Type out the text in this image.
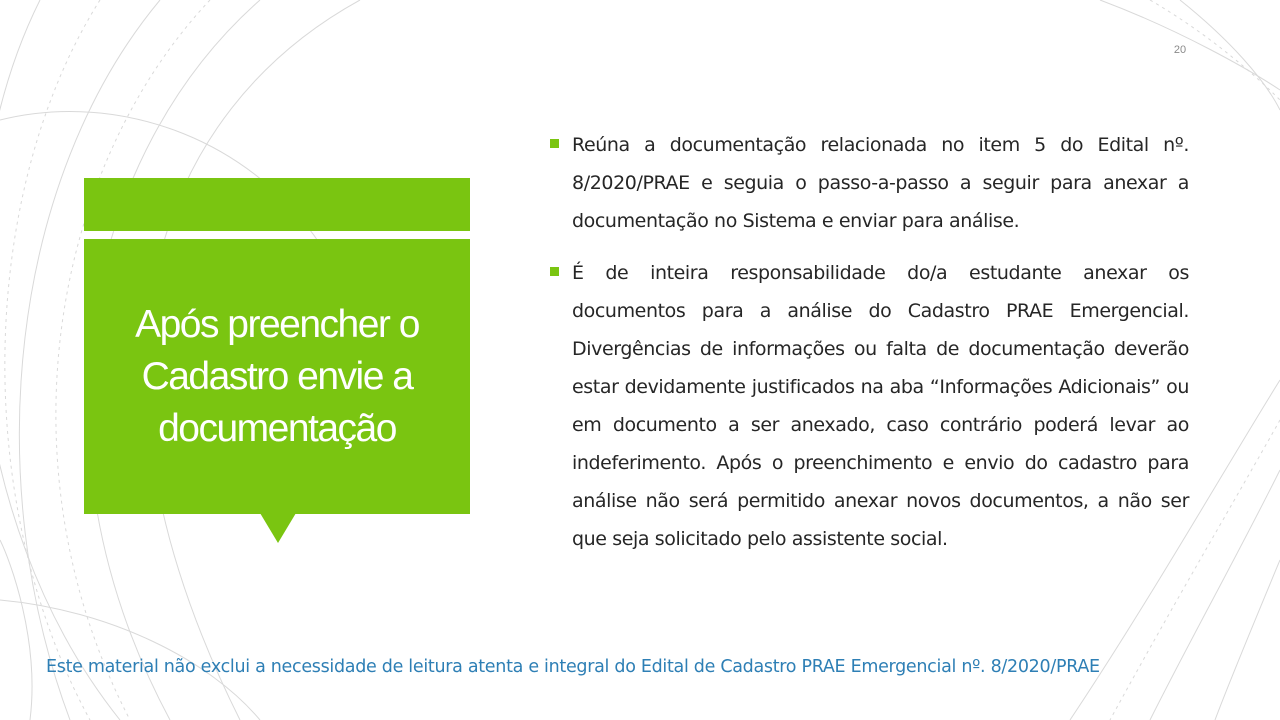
20
Após preencher o Cadastro envie a documentação
Reúna a documentação relacionada no item 5 do Edital nº. 8/2020/PRAE e seguia o passo-a-passo a seguir para anexar a documentação no Sistema e enviar para análise.
É de inteira responsabilidade do/a estudante anexar os documentos para a análise do Cadastro PRAE Emergencial. Divergências de informações ou falta de documentação deverão estar devidamente justificados na aba “Informações Adicionais” ou em documento a ser anexado, caso contrário poderá levar ao indeferimento. Após o preenchimento e envio do cadastro para análise não será permitido anexar novos documentos, a não ser que seja solicitado pelo assistente social.
Este material não exclui a necessidade de leitura atenta e integral do Edital de Cadastro PRAE Emergencial nº. 8/2020/PRAE
